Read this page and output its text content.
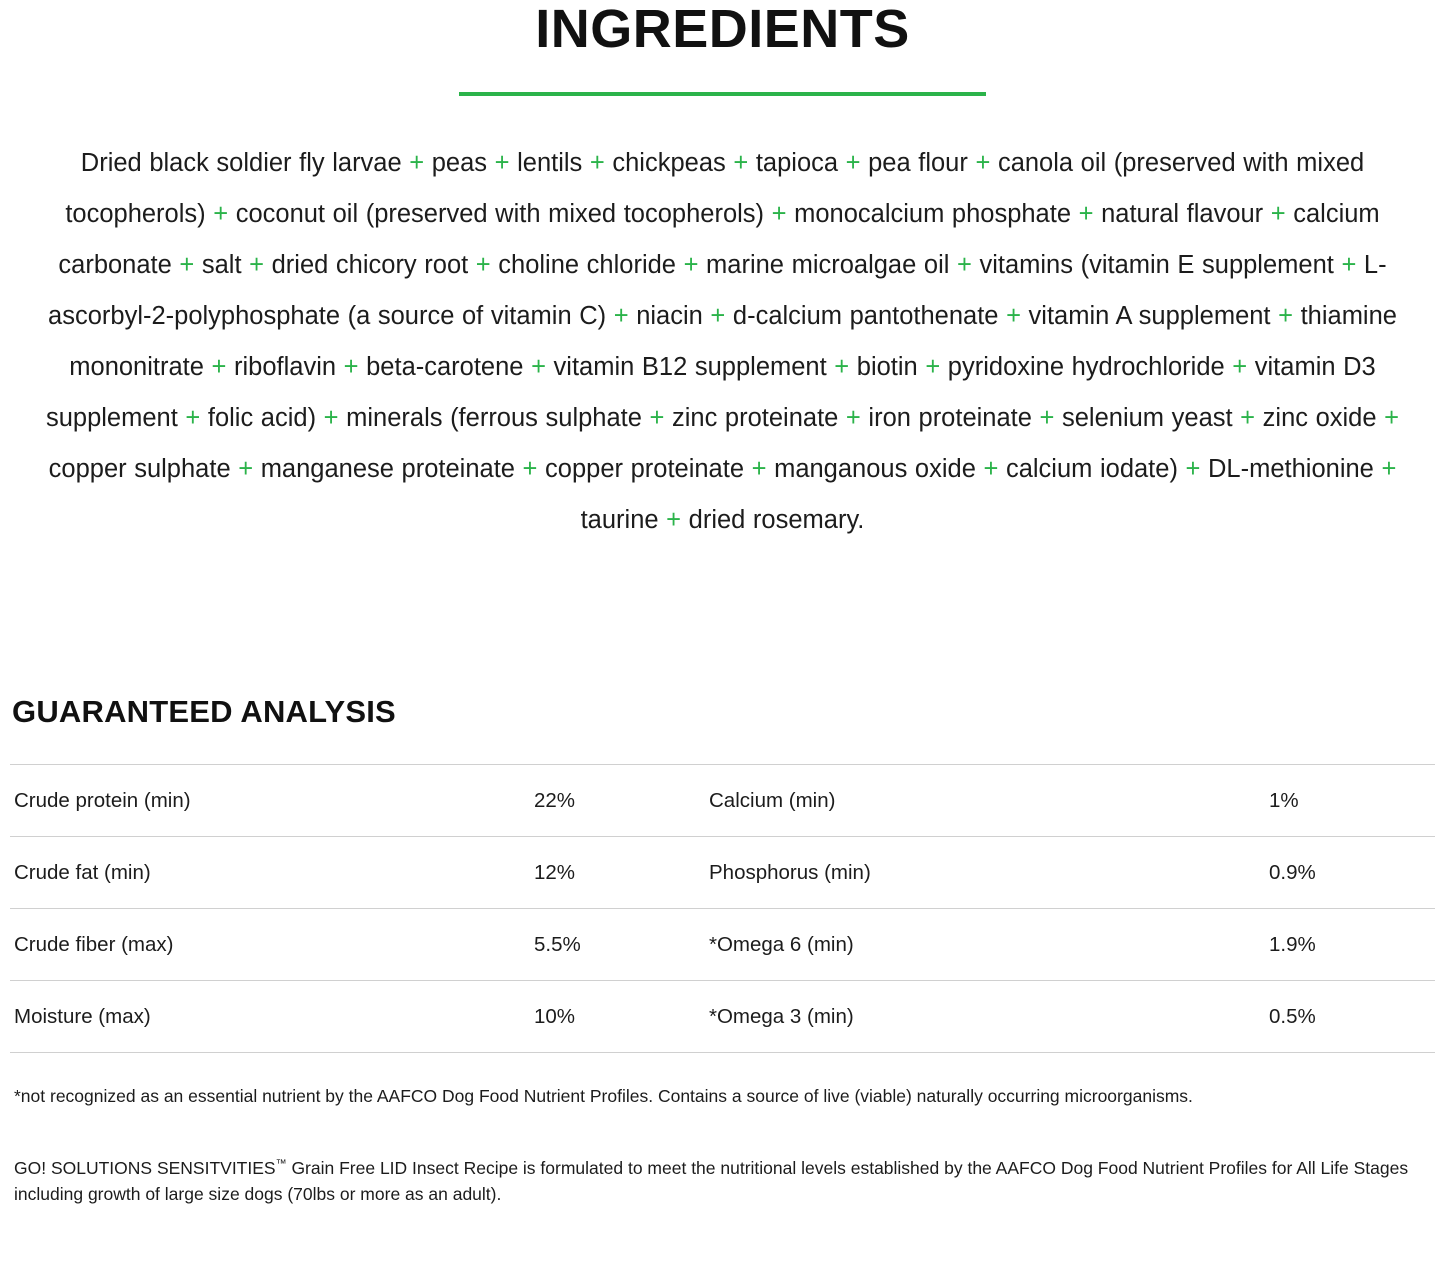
INGREDIENTS

Dried black soldier fly larvae + peas + lentils + chickpeas + tapioca + pea flour + canola oil (preserved with mixed tocopherols) + coconut oil (preserved with mixed tocopherols) + monocalcium phosphate + natural flavour + calcium carbonate + salt + dried chicory root + choline chloride + marine microalgae oil + vitamins (vitamin E supplement + L-ascorbyl-2-polyphosphate (a source of vitamin C) + niacin + d-calcium pantothenate + vitamin A supplement + thiamine mononitrate + riboflavin + beta-carotene + vitamin B12 supplement + biotin + pyridoxine hydrochloride + vitamin D3 supplement + folic acid) + minerals (ferrous sulphate + zinc proteinate + iron proteinate + selenium yeast + zinc oxide + copper sulphate + manganese proteinate + copper proteinate + manganous oxide + calcium iodate) + DL-methionine + taurine + dried rosemary.

GUARANTEED ANALYSIS
Crude protein (min)	22%	Calcium (min)	1%
Crude fat (min)	12%	Phosphorus (min)	0.9%
Crude fiber (max)	5.5%	*Omega 6 (min)	1.9%
Moisture (max)	10%	*Omega 3 (min)	0.5%

*not recognized as an essential nutrient by the AAFCO Dog Food Nutrient Profiles. Contains a source of live (viable) naturally occurring microorganisms.

GO! SOLUTIONS SENSITVITIES™ Grain Free LID Insect Recipe is formulated to meet the nutritional levels established by the AAFCO Dog Food Nutrient Profiles for All Life Stages including growth of large size dogs (70lbs or more as an adult).
